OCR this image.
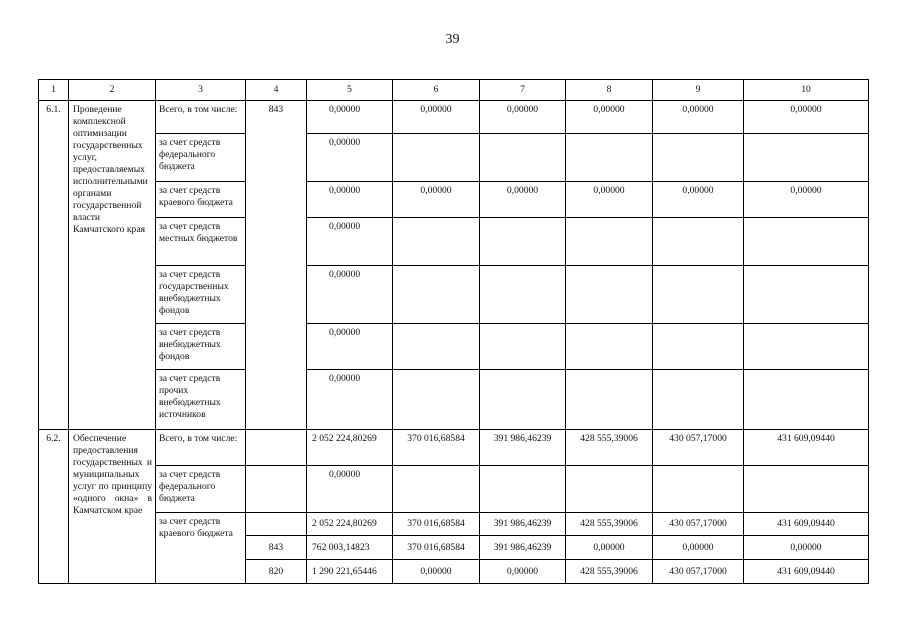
39
1	2	3	4	5	6	7	8	9	10
6.1.	Проведение комплексной оптимизации государственных услуг, предоставляемых исполнительными органами государственной власти Камчатского края	Всего, в том числе:	843	0,00000	0,00000	0,00000	0,00000	0,00000	0,00000
		за счет средств федерального бюджета		0,00000					
		за счет средств краевого бюджета		0,00000	0,00000	0,00000	0,00000	0,00000	0,00000
		за счет средств местных бюджетов		0,00000					
		за счет средств государственных внебюджетных фондов		0,00000					
		за счет средств внебюджетных фондов		0,00000					
		за счет средств прочих внебюджетных источников		0,00000					
6.2.	Обеспечение предоставления государственных и муниципальных услуг по принципу «одного окна» в Камчатском крае	Всего, в том числе:		2 052 224,80269	370 016,68584	391 986,46239	428 555,39006	430 057,17000	431 609,09440
		за счет средств федерального бюджета		0,00000					
		за счет средств краевого бюджета		2 052 224,80269	370 016,68584	391 986,46239	428 555,39006	430 057,17000	431 609,09440
			843	762 003,14823	370 016,68584	391 986,46239	0,00000	0,00000	0,00000
			820	1 290 221,65446	0,00000	0,00000	428 555,39006	430 057,17000	431 609,09440
